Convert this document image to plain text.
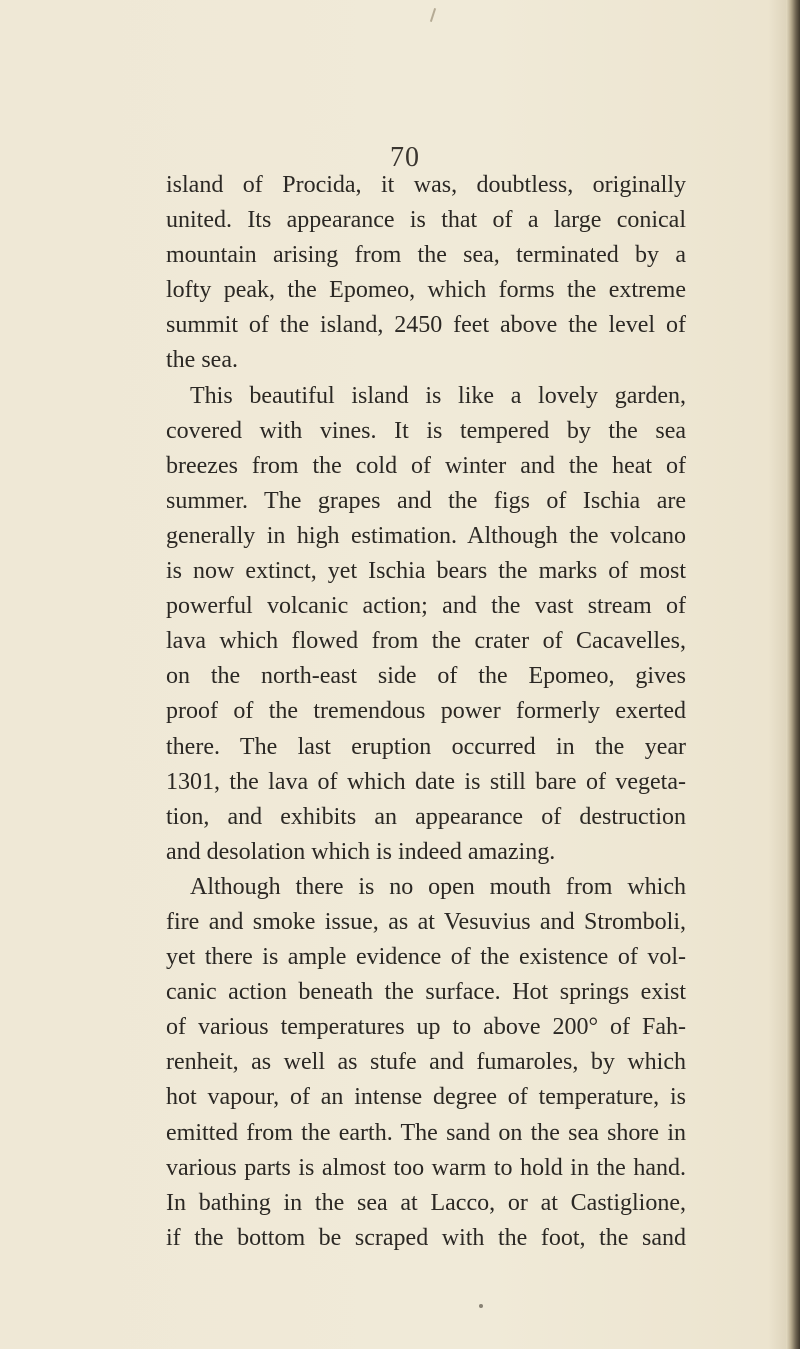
70
island of Procida, it was, doubtless, originally
united. Its appearance is that of a large conical
mountain arising from the sea, terminated by a
lofty peak, the Epomeo, which forms the extreme
summit of the island, 2450 feet above the level of
the sea.
This beautiful island is like a lovely garden,
covered with vines. It is tempered by the sea
breezes from the cold of winter and the heat of
summer. The grapes and the figs of Ischia are
generally in high estimation. Although the volcano
is now extinct, yet Ischia bears the marks of most
powerful volcanic action; and the vast stream of
lava which flowed from the crater of Cacavelles,
on the north-east side of the Epomeo, gives
proof of the tremendous power formerly exerted
there. The last eruption occurred in the year
1301, the lava of which date is still bare of vegeta-
tion, and exhibits an appearance of destruction
and desolation which is indeed amazing.
Although there is no open mouth from which
fire and smoke issue, as at Vesuvius and Stromboli,
yet there is ample evidence of the existence of vol-
canic action beneath the surface. Hot springs exist
of various temperatures up to above 200° of Fah-
renheit, as well as stufe and fumaroles, by which
hot vapour, of an intense degree of temperature, is
emitted from the earth. The sand on the sea shore in
various parts is almost too warm to hold in the hand.
In bathing in the sea at Lacco, or at Castiglione,
if the bottom be scraped with the foot, the sand
